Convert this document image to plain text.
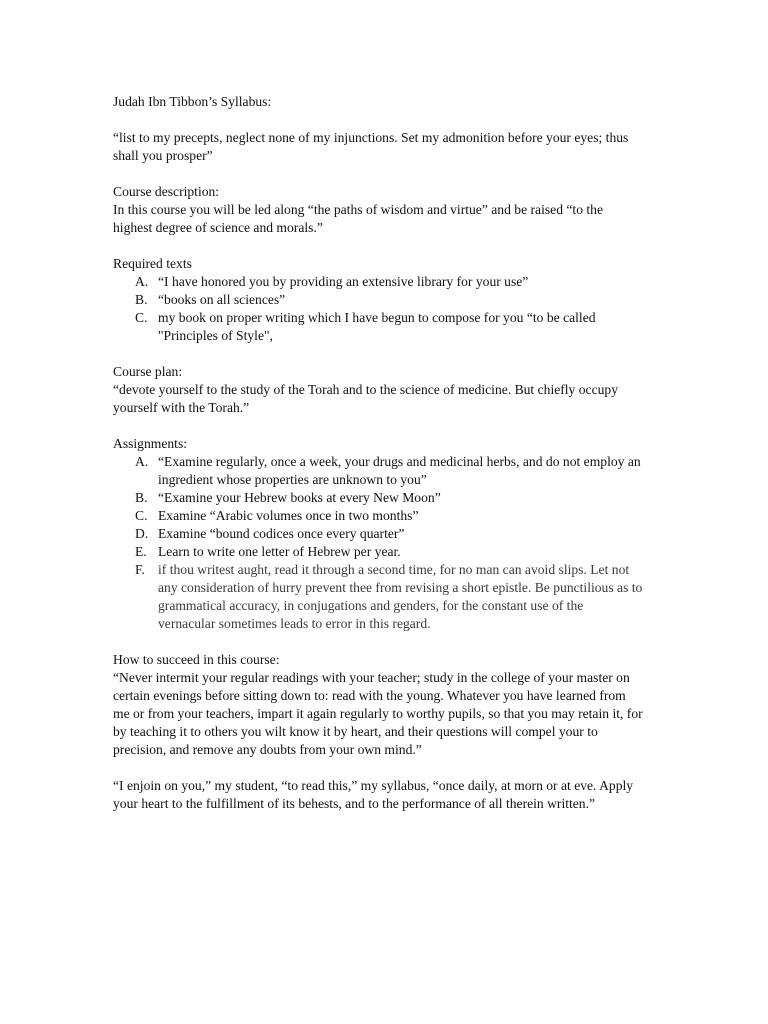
Judah Ibn Tibbon’s Syllabus:

“list to my precepts, neglect none of my injunctions. Set my admonition before your eyes; thus shall you prosper”

Course description:

In this course you will be led along “the paths of wisdom and virtue” and be raised “to the highest degree of science and morals.”

Required texts

A. “I have honored you by providing an extensive library for your use”
B. “books on all sciences”
C. my book on proper writing which I have begun to compose for you “to be called "Principles of Style",

Course plan:

“devote yourself to the study of the Torah and to the science of medicine. But chiefly occupy yourself with the Torah.”

Assignments:

A. “Examine regularly, once a week, your drugs and medicinal herbs, and do not employ an ingredient whose properties are unknown to you”
B. “Examine your Hebrew books at every New Moon”
C. Examine “Arabic volumes once in two months”
D. Examine “bound codices once every quarter”
E. Learn to write one letter of Hebrew per year.
F. if thou writest aught, read it through a second time, for no man can avoid slips. Let not any consideration of hurry prevent thee from revising a short epistle. Be punctilious as to grammatical accuracy, in conjugations and genders, for the constant use of the vernacular sometimes leads to error in this regard.

How to succeed in this course:

“Never intermit your regular readings with your teacher; study in the college of your master on certain evenings before sitting down to: read with the young. Whatever you have learned from me or from your teachers, impart it again regularly to worthy pupils, so that you may retain it, for by teaching it to others you wilt know it by heart, and their questions will compel your to precision, and remove any doubts from your own mind.”

“I enjoin on you,” my student, “to read this,” my syllabus, “once daily, at morn or at eve. Apply your heart to the fulfillment of its behests, and to the performance of all therein written.”
